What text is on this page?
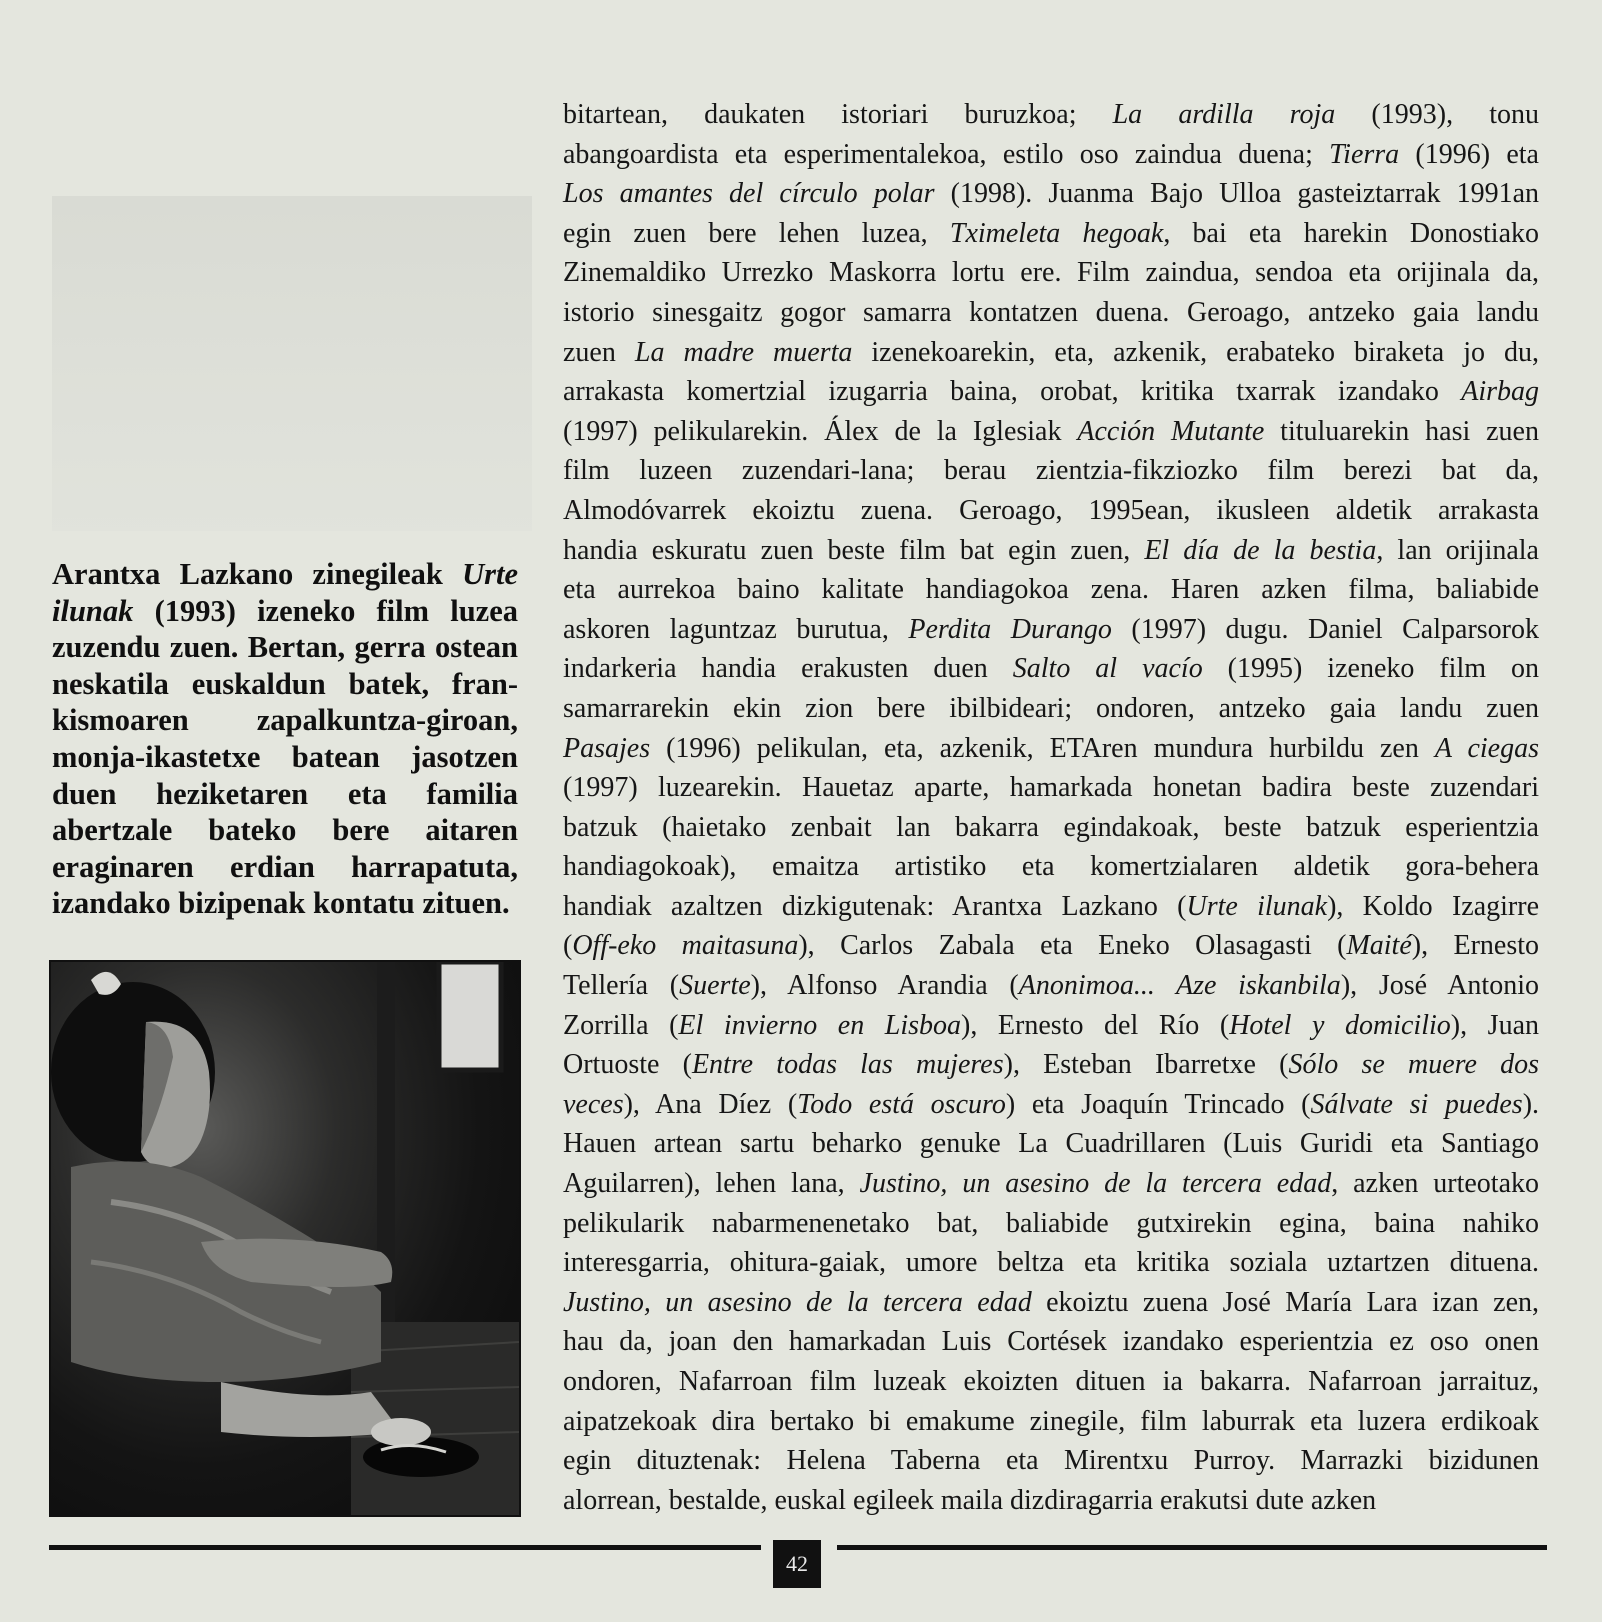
Arantxa Lazkano zinegileak Urte
ilunak (1993) izeneko film luzea
zuzendu zuen. Bertan, gerra ostean
neskatila euskaldun batek, fran-
kismoaren zapalkuntza-giroan,
monja-ikastetxe batean jasotzen
duen heziketaren eta familia
abertzale bateko bere aitaren
eraginaren erdian harrapatuta,
izandako bizipenak kontatu zituen.
bitartean, daukaten istoriari buruzkoa; La ardilla roja (1993), tonu
abangoardista eta esperimentalekoa, estilo oso zaindua duena; Tierra (1996) eta
Los amantes del círculo polar (1998). Juanma Bajo Ulloa gasteiztarrak 1991an
egin zuen bere lehen luzea, Tximeleta hegoak, bai eta harekin Donostiako
Zinemaldiko Urrezko Maskorra lortu ere. Film zaindua, sendoa eta orijinala da,
istorio sinesgaitz gogor samarra kontatzen duena. Geroago, antzeko gaia landu
zuen La madre muerta izenekoarekin, eta, azkenik, erabateko biraketa jo du,
arrakasta komertzial izugarria baina, orobat, kritika txarrak izandako Airbag
(1997) pelikularekin. Álex de la Iglesiak Acción Mutante tituluarekin hasi zuen
film luzeen zuzendari-lana; berau zientzia-fikziozko film berezi bat da,
Almodóvarrek ekoiztu zuena. Geroago, 1995ean, ikusleen aldetik arrakasta
handia eskuratu zuen beste film bat egin zuen, El día de la bestia, lan orijinala
eta aurrekoa baino kalitate handiagokoa zena. Haren azken filma, baliabide
askoren laguntzaz burutua, Perdita Durango (1997) dugu. Daniel Calparsorok
indarkeria handia erakusten duen Salto al vacío (1995) izeneko film on
samarrarekin ekin zion bere ibilbideari; ondoren, antzeko gaia landu zuen
Pasajes (1996) pelikulan, eta, azkenik, ETAren mundura hurbildu zen A ciegas
(1997) luzearekin. Hauetaz aparte, hamarkada honetan badira beste zuzendari
batzuk (haietako zenbait lan bakarra egindakoak, beste batzuk esperientzia
handiagokoak), emaitza artistiko eta komertzialaren aldetik gora-behera
handiak azaltzen dizkigutenak: Arantxa Lazkano (Urte ilunak), Koldo Izagirre
(Off-eko maitasuna), Carlos Zabala eta Eneko Olasagasti (Maité), Ernesto
Tellería (Suerte), Alfonso Arandia (Anonimoa... Aze iskanbila), José Antonio
Zorrilla (El invierno en Lisboa), Ernesto del Río (Hotel y domicilio), Juan
Ortuoste (Entre todas las mujeres), Esteban Ibarretxe (Sólo se muere dos
veces), Ana Díez (Todo está oscuro) eta Joaquín Trincado (Sálvate si puedes).
Hauen artean sartu beharko genuke La Cuadrillaren (Luis Guridi eta Santiago
Aguilarren), lehen lana, Justino, un asesino de la tercera edad, azken urteotako
pelikularik nabarmenenetako bat, baliabide gutxirekin egina, baina nahiko
interesgarria, ohitura-gaiak, umore beltza eta kritika soziala uztartzen dituena.
Justino, un asesino de la tercera edad ekoiztu zuena José María Lara izan zen,
hau da, joan den hamarkadan Luis Cortések izandako esperientzia ez oso onen
ondoren, Nafarroan film luzeak ekoizten dituen ia bakarra. Nafarroan jarraituz,
aipatzekoak dira bertako bi emakume zinegile, film laburrak eta luzera erdikoak
egin dituztenak: Helena Taberna eta Mirentxu Purroy. Marrazki bizidunen
alorrean, bestalde, euskal egileek maila dizdiragarria erakutsi dute azken
42
